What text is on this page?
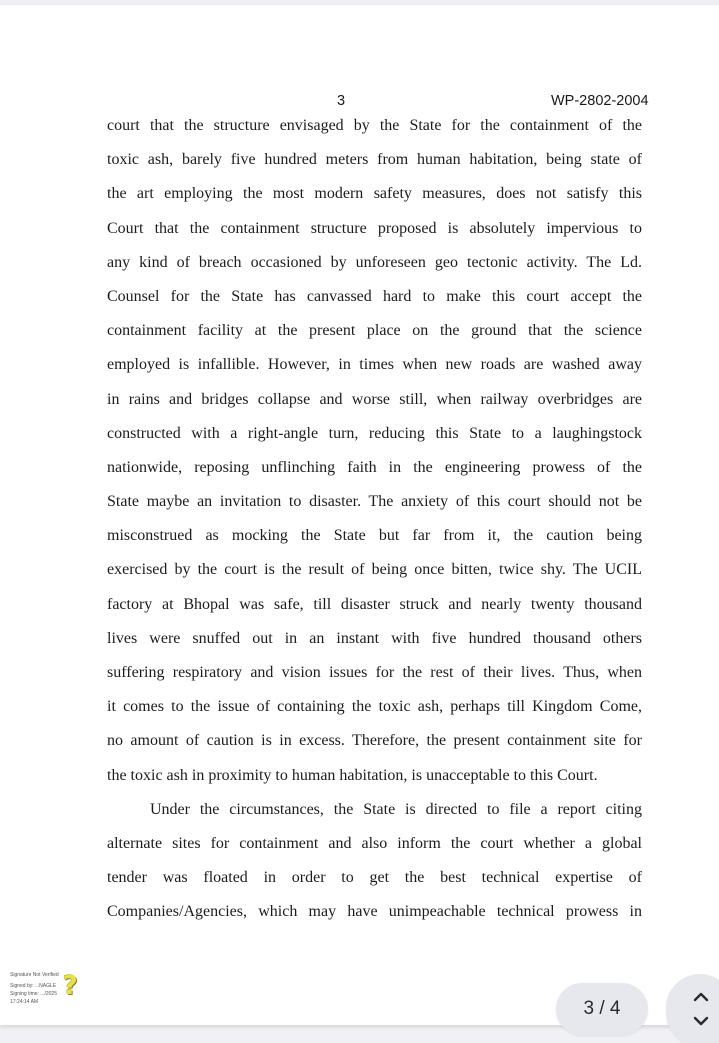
3	WP-2802-2004
court that the structure envisaged by the State for the containment of the
toxic ash, barely five hundred meters from human habitation, being state of
the art employing the most modern safety measures, does not satisfy this
Court that the containment structure proposed is absolutely impervious to
any kind of breach occasioned by unforeseen geo tectonic activity. The Ld.
Counsel for the State has canvassed hard to make this court accept the
containment facility at the present place on the ground that the science
employed is infallible. However, in times when new roads are washed away
in rains and bridges collapse and worse still, when railway overbridges are
constructed with a right-angle turn, reducing this State to a laughingstock
nationwide, reposing unflinching faith in the engineering prowess of the
State maybe an invitation to disaster. The anxiety of this court should not be
misconstrued as mocking the State but far from it, the caution being
exercised by the court is the result of being once bitten, twice shy. The UCIL
factory at Bhopal was safe, till disaster struck and nearly twenty thousand
lives were snuffed out in an instant with five hundred thousand others
suffering respiratory and vision issues for the rest of their lives. Thus, when
it comes to the issue of containing the toxic ash, perhaps till Kingdom Come,
no amount of caution is in excess. Therefore, the present containment site for
the toxic ash in proximity to human habitation, is unacceptable to this Court.
Under the circumstances, the State is directed to file a report citing
alternate sites for containment and also inform the court whether a global
tender was floated in order to get the best technical expertise of
Companies/Agencies, which may have unimpeachable technical prowess in
Signature Not Verified
Signed by: ...NAGLE
Signing time: .../2025
17:24:14 AM
?
3 / 4
